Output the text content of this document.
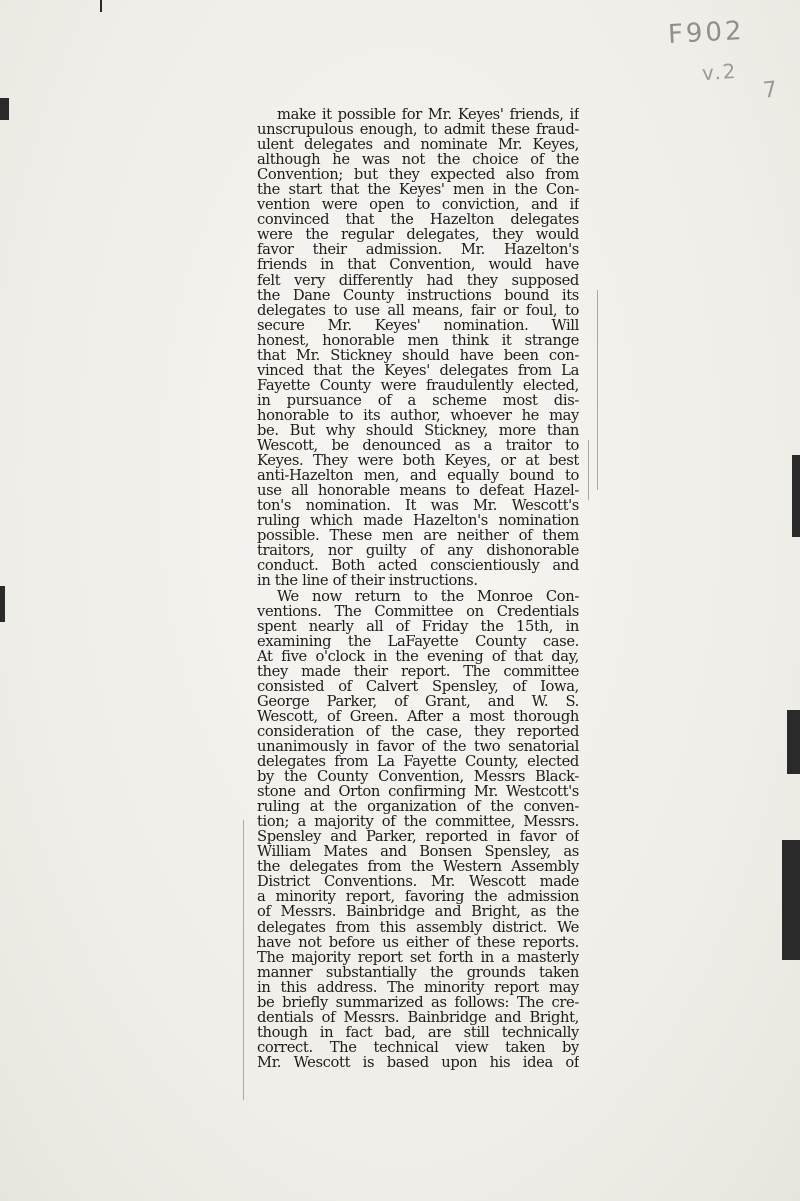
F902
v.2
7
make it possible for Mr. Keyes' friends, if
unscrupulous enough, to admit these fraud-
ulent delegates and nominate Mr. Keyes,
although he was not the choice of the
Convention; but they expected also from
the start that the Keyes' men in the Con-
vention were open to conviction, and if
convinced that the Hazelton delegates
were the regular delegates, they would
favor their admission. Mr. Hazelton's
friends in that Convention, would have
felt very differently had they supposed
the Dane County instructions bound its
delegates to use all means, fair or foul, to
secure Mr. Keyes' nomination. Will
honest, honorable men think it strange
that Mr. Stickney should have been con-
vinced that the Keyes' delegates from La
Fayette County were fraudulently elected,
in pursuance of a scheme most dis-
honorable to its author, whoever he may
be. But why should Stickney, more than
Wescott, be denounced as a traitor to
Keyes. They were both Keyes, or at best
anti-Hazelton men, and equally bound to
use all honorable means to defeat Hazel-
ton's nomination. It was Mr. Wescott's
ruling which made Hazelton's nomination
possible. These men are neither of them
traitors, nor guilty of any dishonorable
conduct. Both acted conscientiously and
in the line of their instructions.
We now return to the Monroe Con-
ventions. The Committee on Credentials
spent nearly all of Friday the 15th, in
examining the LaFayette County case.
At five o'clock in the evening of that day,
they made their report. The committee
consisted of Calvert Spensley, of Iowa,
George Parker, of Grant, and W. S.
Wescott, of Green. After a most thorough
consideration of the case, they reported
unanimously in favor of the two senatorial
delegates from La Fayette County, elected
by the County Convention, Messrs Black-
stone and Orton confirming Mr. Westcott's
ruling at the organization of the conven-
tion; a majority of the committee, Messrs.
Spensley and Parker, reported in favor of
William Mates and Bonsen Spensley, as
the delegates from the Western Assembly
District Conventions. Mr. Wescott made
a minority report, favoring the admission
of Messrs. Bainbridge and Bright, as the
delegates from this assembly district. We
have not before us either of these reports.
The majority report set forth in a masterly
manner substantially the grounds taken
in this address. The minority report may
be briefly summarized as follows: The cre-
dentials of Messrs. Bainbridge and Bright,
though in fact bad, are still technically
correct. The technical view taken by
Mr. Wescott is based upon his idea of
